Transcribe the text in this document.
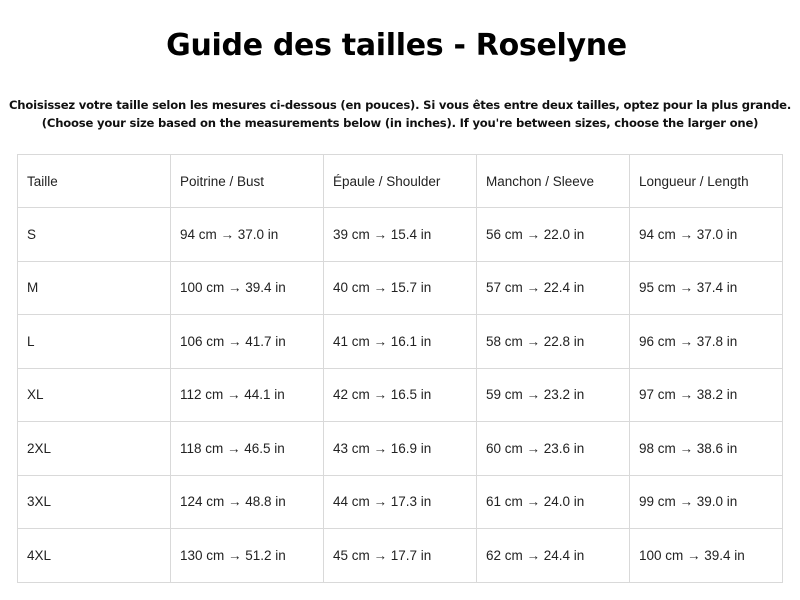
Guide des tailles - Roselyne
Choisissez votre taille selon les mesures ci-dessous (en pouces). Si vous êtes entre deux tailles, optez pour la plus grande.
(Choose your size based on the measurements below (in inches). If you're between sizes, choose the larger one)
Taille	Poitrine / Bust	Épaule / Shoulder	Manchon / Sleeve	Longueur / Length
S	94 cm → 37.0 in	39 cm → 15.4 in	56 cm → 22.0 in	94 cm → 37.0 in
M	100 cm → 39.4 in	40 cm → 15.7 in	57 cm → 22.4 in	95 cm → 37.4 in
L	106 cm → 41.7 in	41 cm → 16.1 in	58 cm → 22.8 in	96 cm → 37.8 in
XL	112 cm → 44.1 in	42 cm → 16.5 in	59 cm → 23.2 in	97 cm → 38.2 in
2XL	118 cm → 46.5 in	43 cm → 16.9 in	60 cm → 23.6 in	98 cm → 38.6 in
3XL	124 cm → 48.8 in	44 cm → 17.3 in	61 cm → 24.0 in	99 cm → 39.0 in
4XL	130 cm → 51.2 in	45 cm → 17.7 in	62 cm → 24.4 in	100 cm → 39.4 in
